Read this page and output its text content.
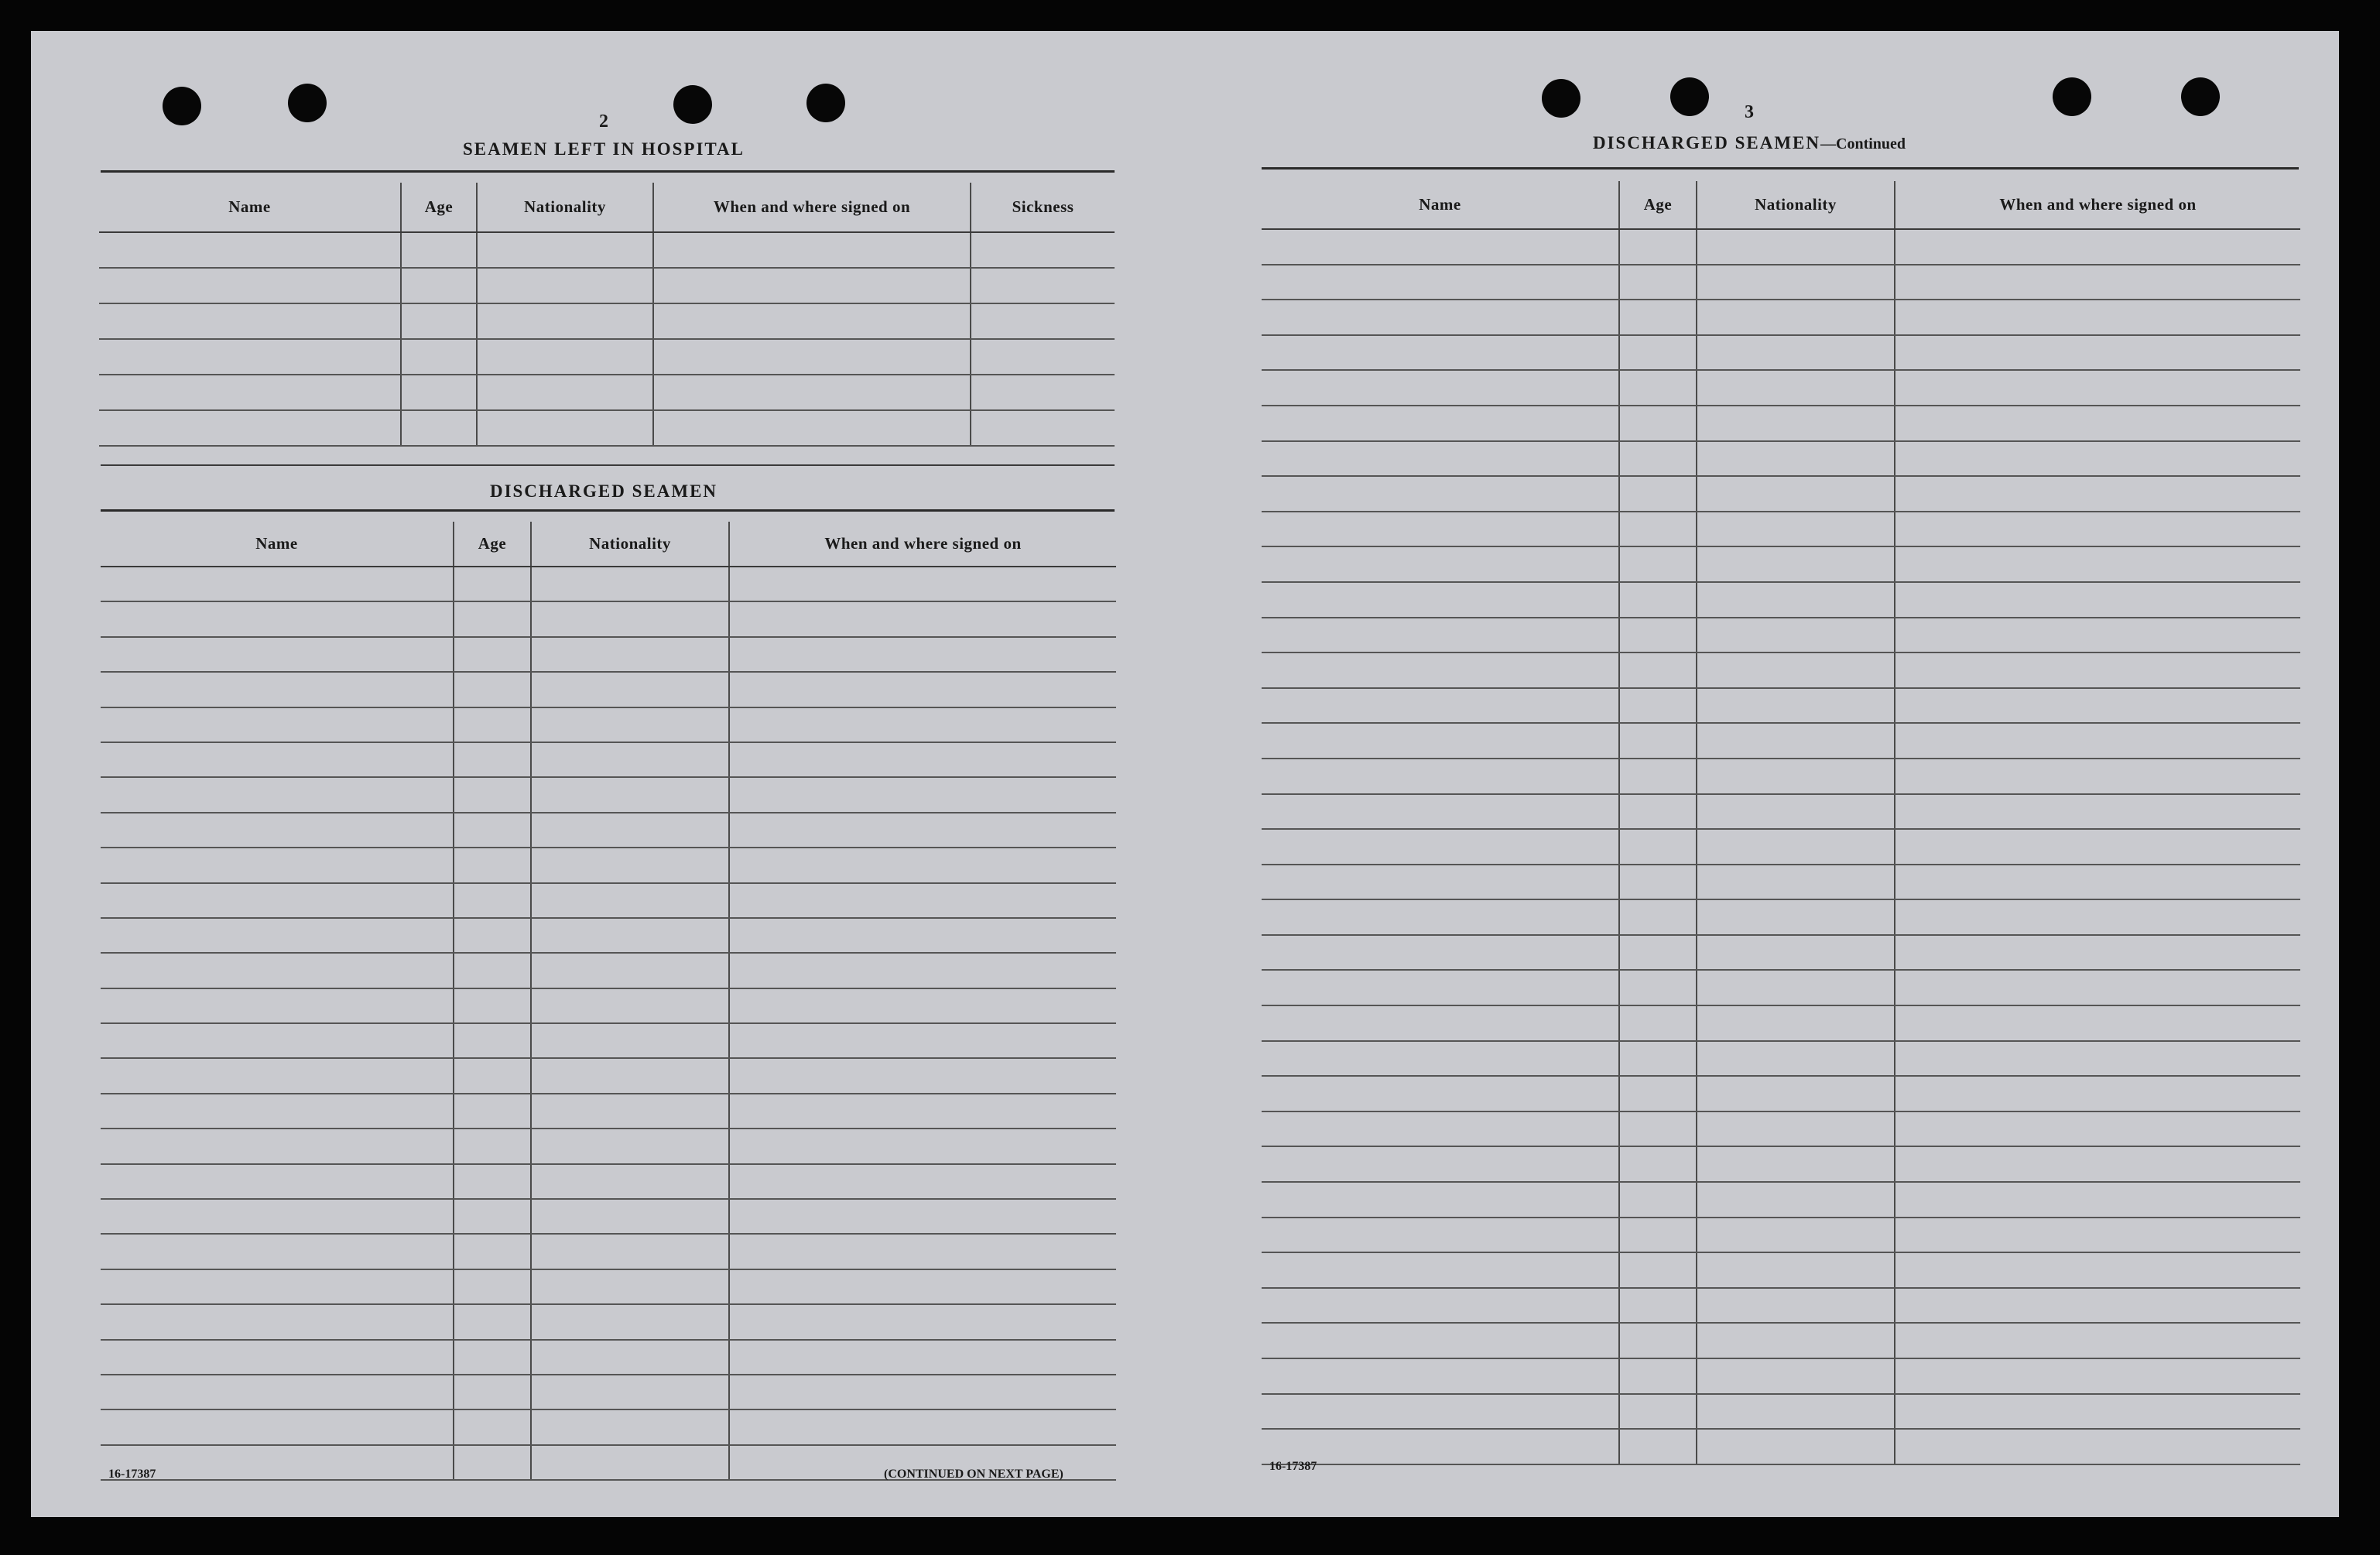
2
SEAMEN LEFT IN HOSPITAL
Name	Age	Nationality	When and where signed on	Sickness

DISCHARGED SEAMEN
Name	Age	Nationality	When and where signed on

16-17387	(CONTINUED ON NEXT PAGE)
3
DISCHARGED SEAMEN—Continued
Name	Age	Nationality	When and where signed on

16-17387
